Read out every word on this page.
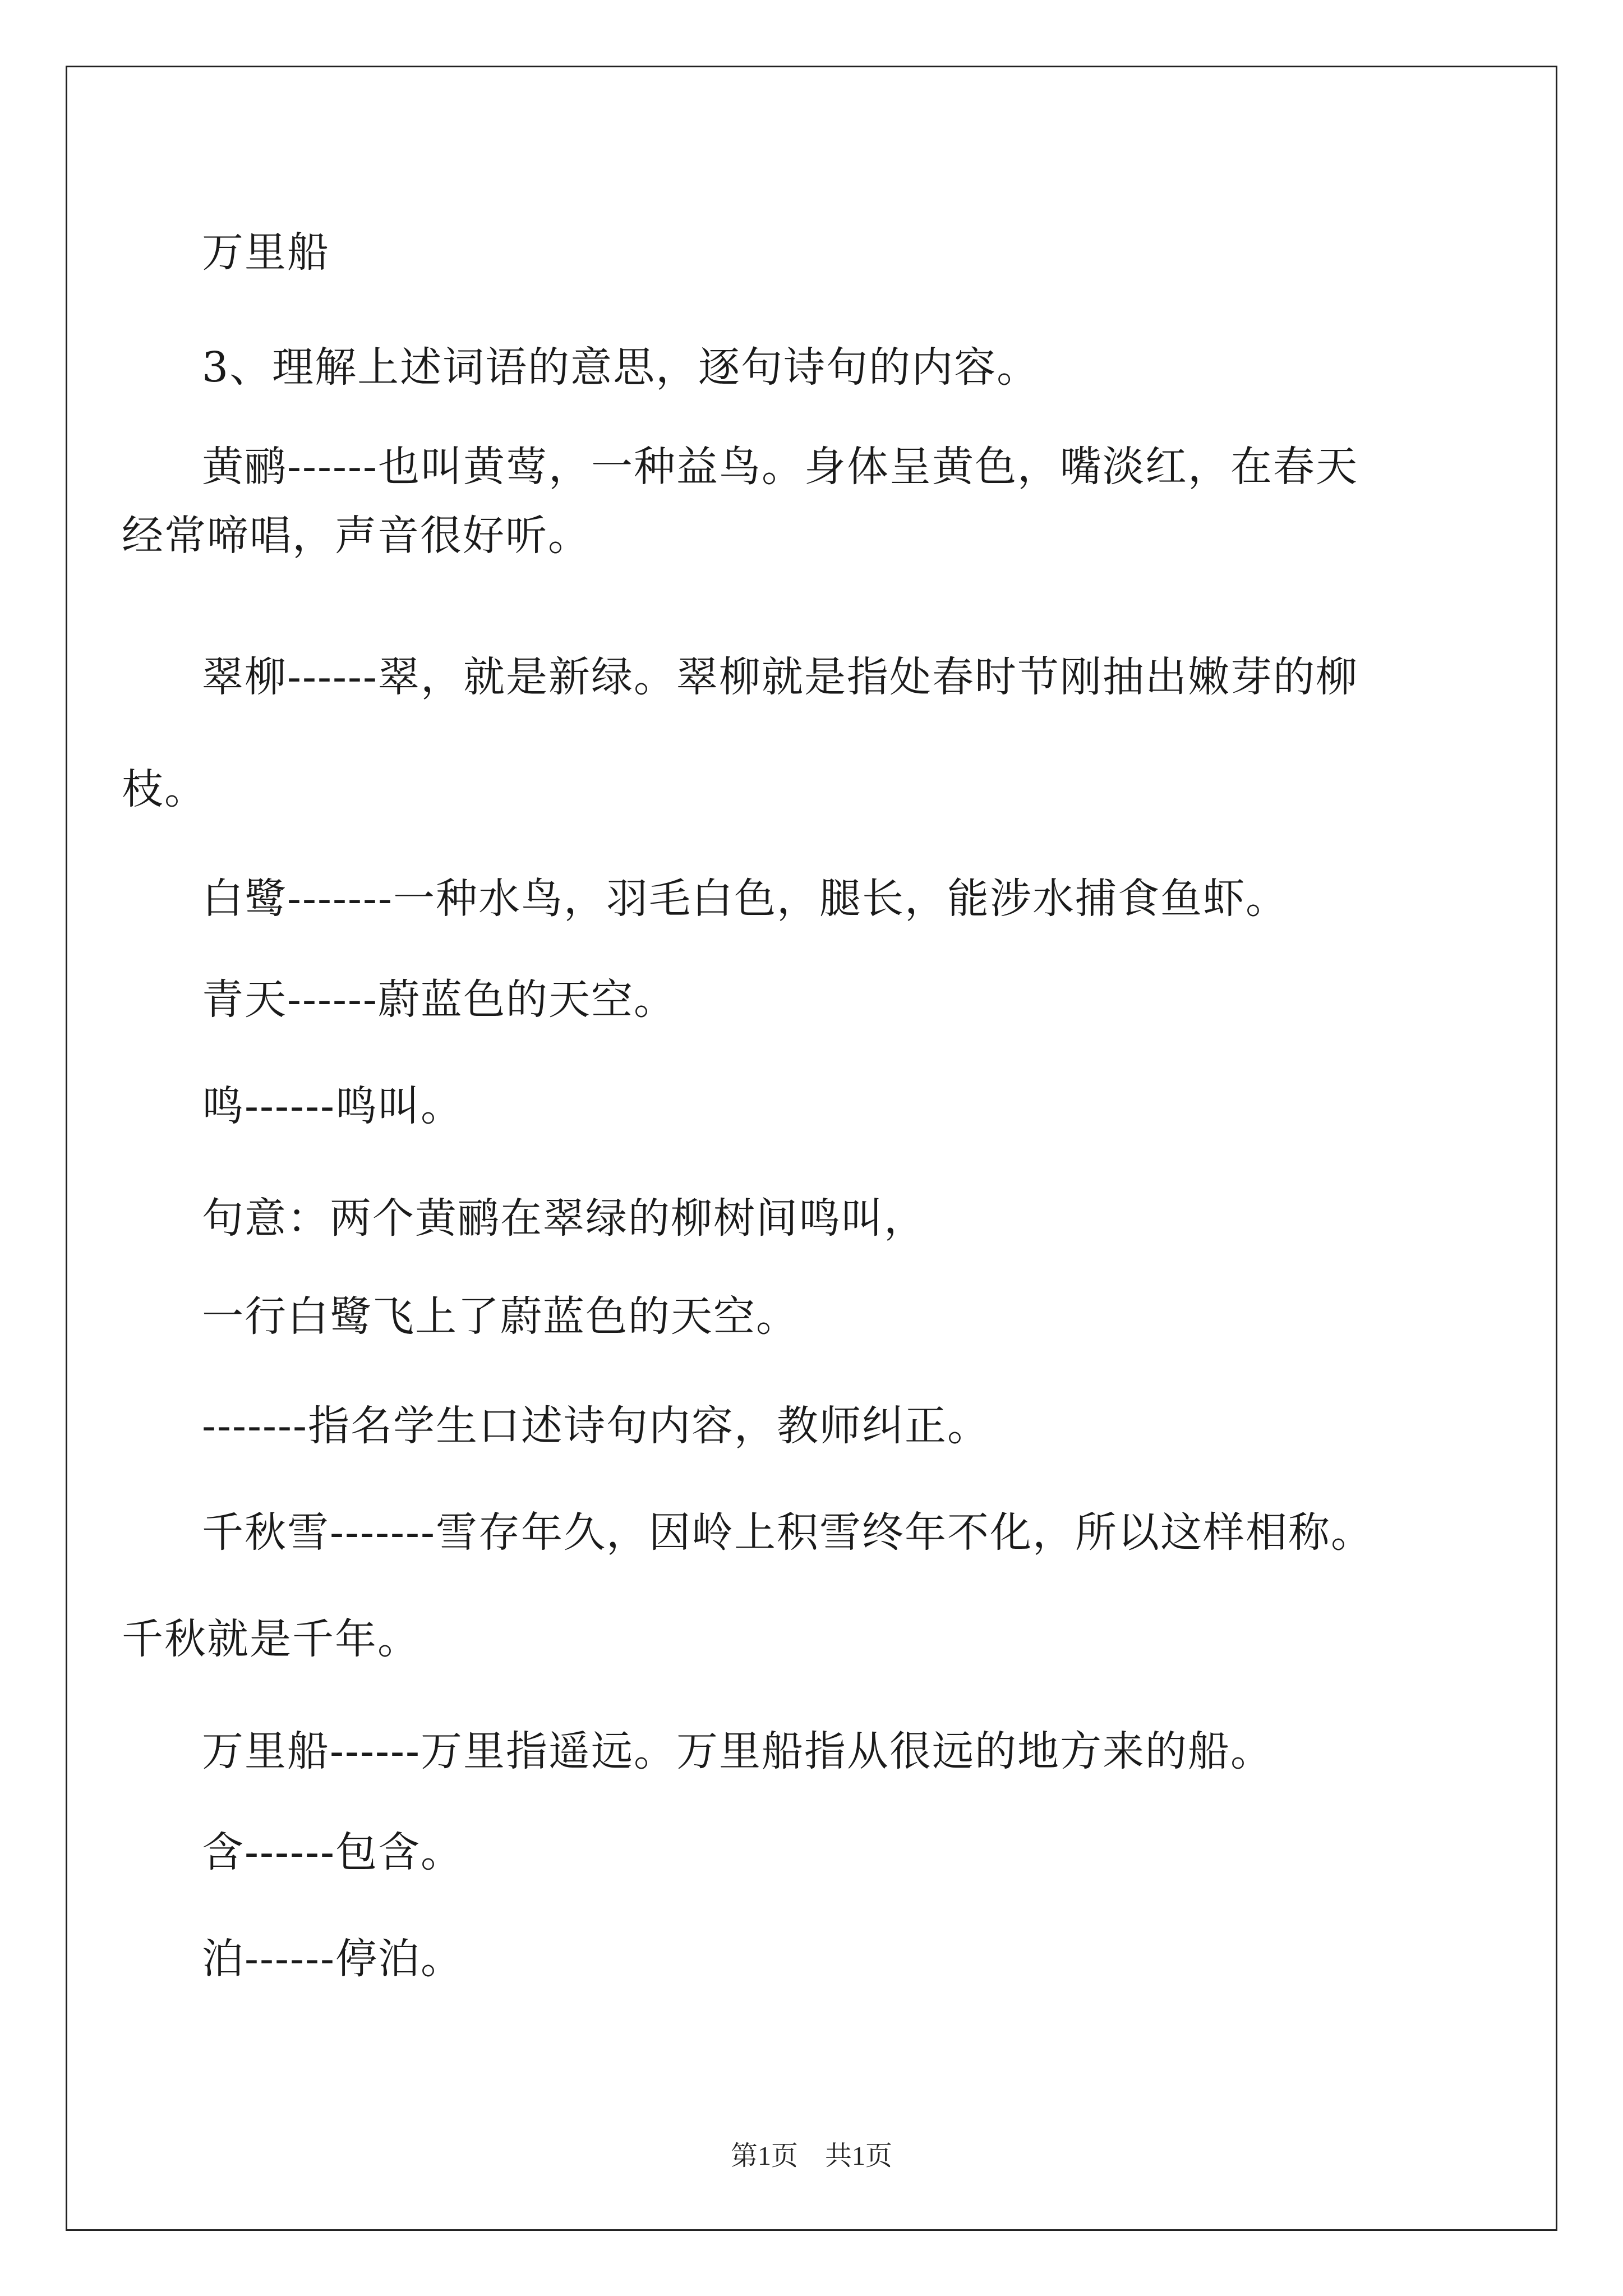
万里船
3、理解上述词语的意思，逐句诗句的内容。
黄鹂------也叫黄莺，一种益鸟。身体呈黄色，嘴淡红，在春天
经常啼唱，声音很好听。
翠柳------翠，就是新绿。翠柳就是指处春时节刚抽出嫩芽的柳
枝。
白鹭-------一种水鸟，羽毛白色，腿长，能涉水捕食鱼虾。
青天------蔚蓝色的天空。
鸣------鸣叫。
句意：两个黄鹂在翠绿的柳树间鸣叫，
一行白鹭飞上了蔚蓝色的天空。
-------指名学生口述诗句内容，教师纠正。
千秋雪-------雪存年久，因岭上积雪终年不化，所以这样相称。
千秋就是千年。
万里船------万里指遥远。万里船指从很远的地方来的船。
含------包含。
泊------停泊。
第1页 共1页
